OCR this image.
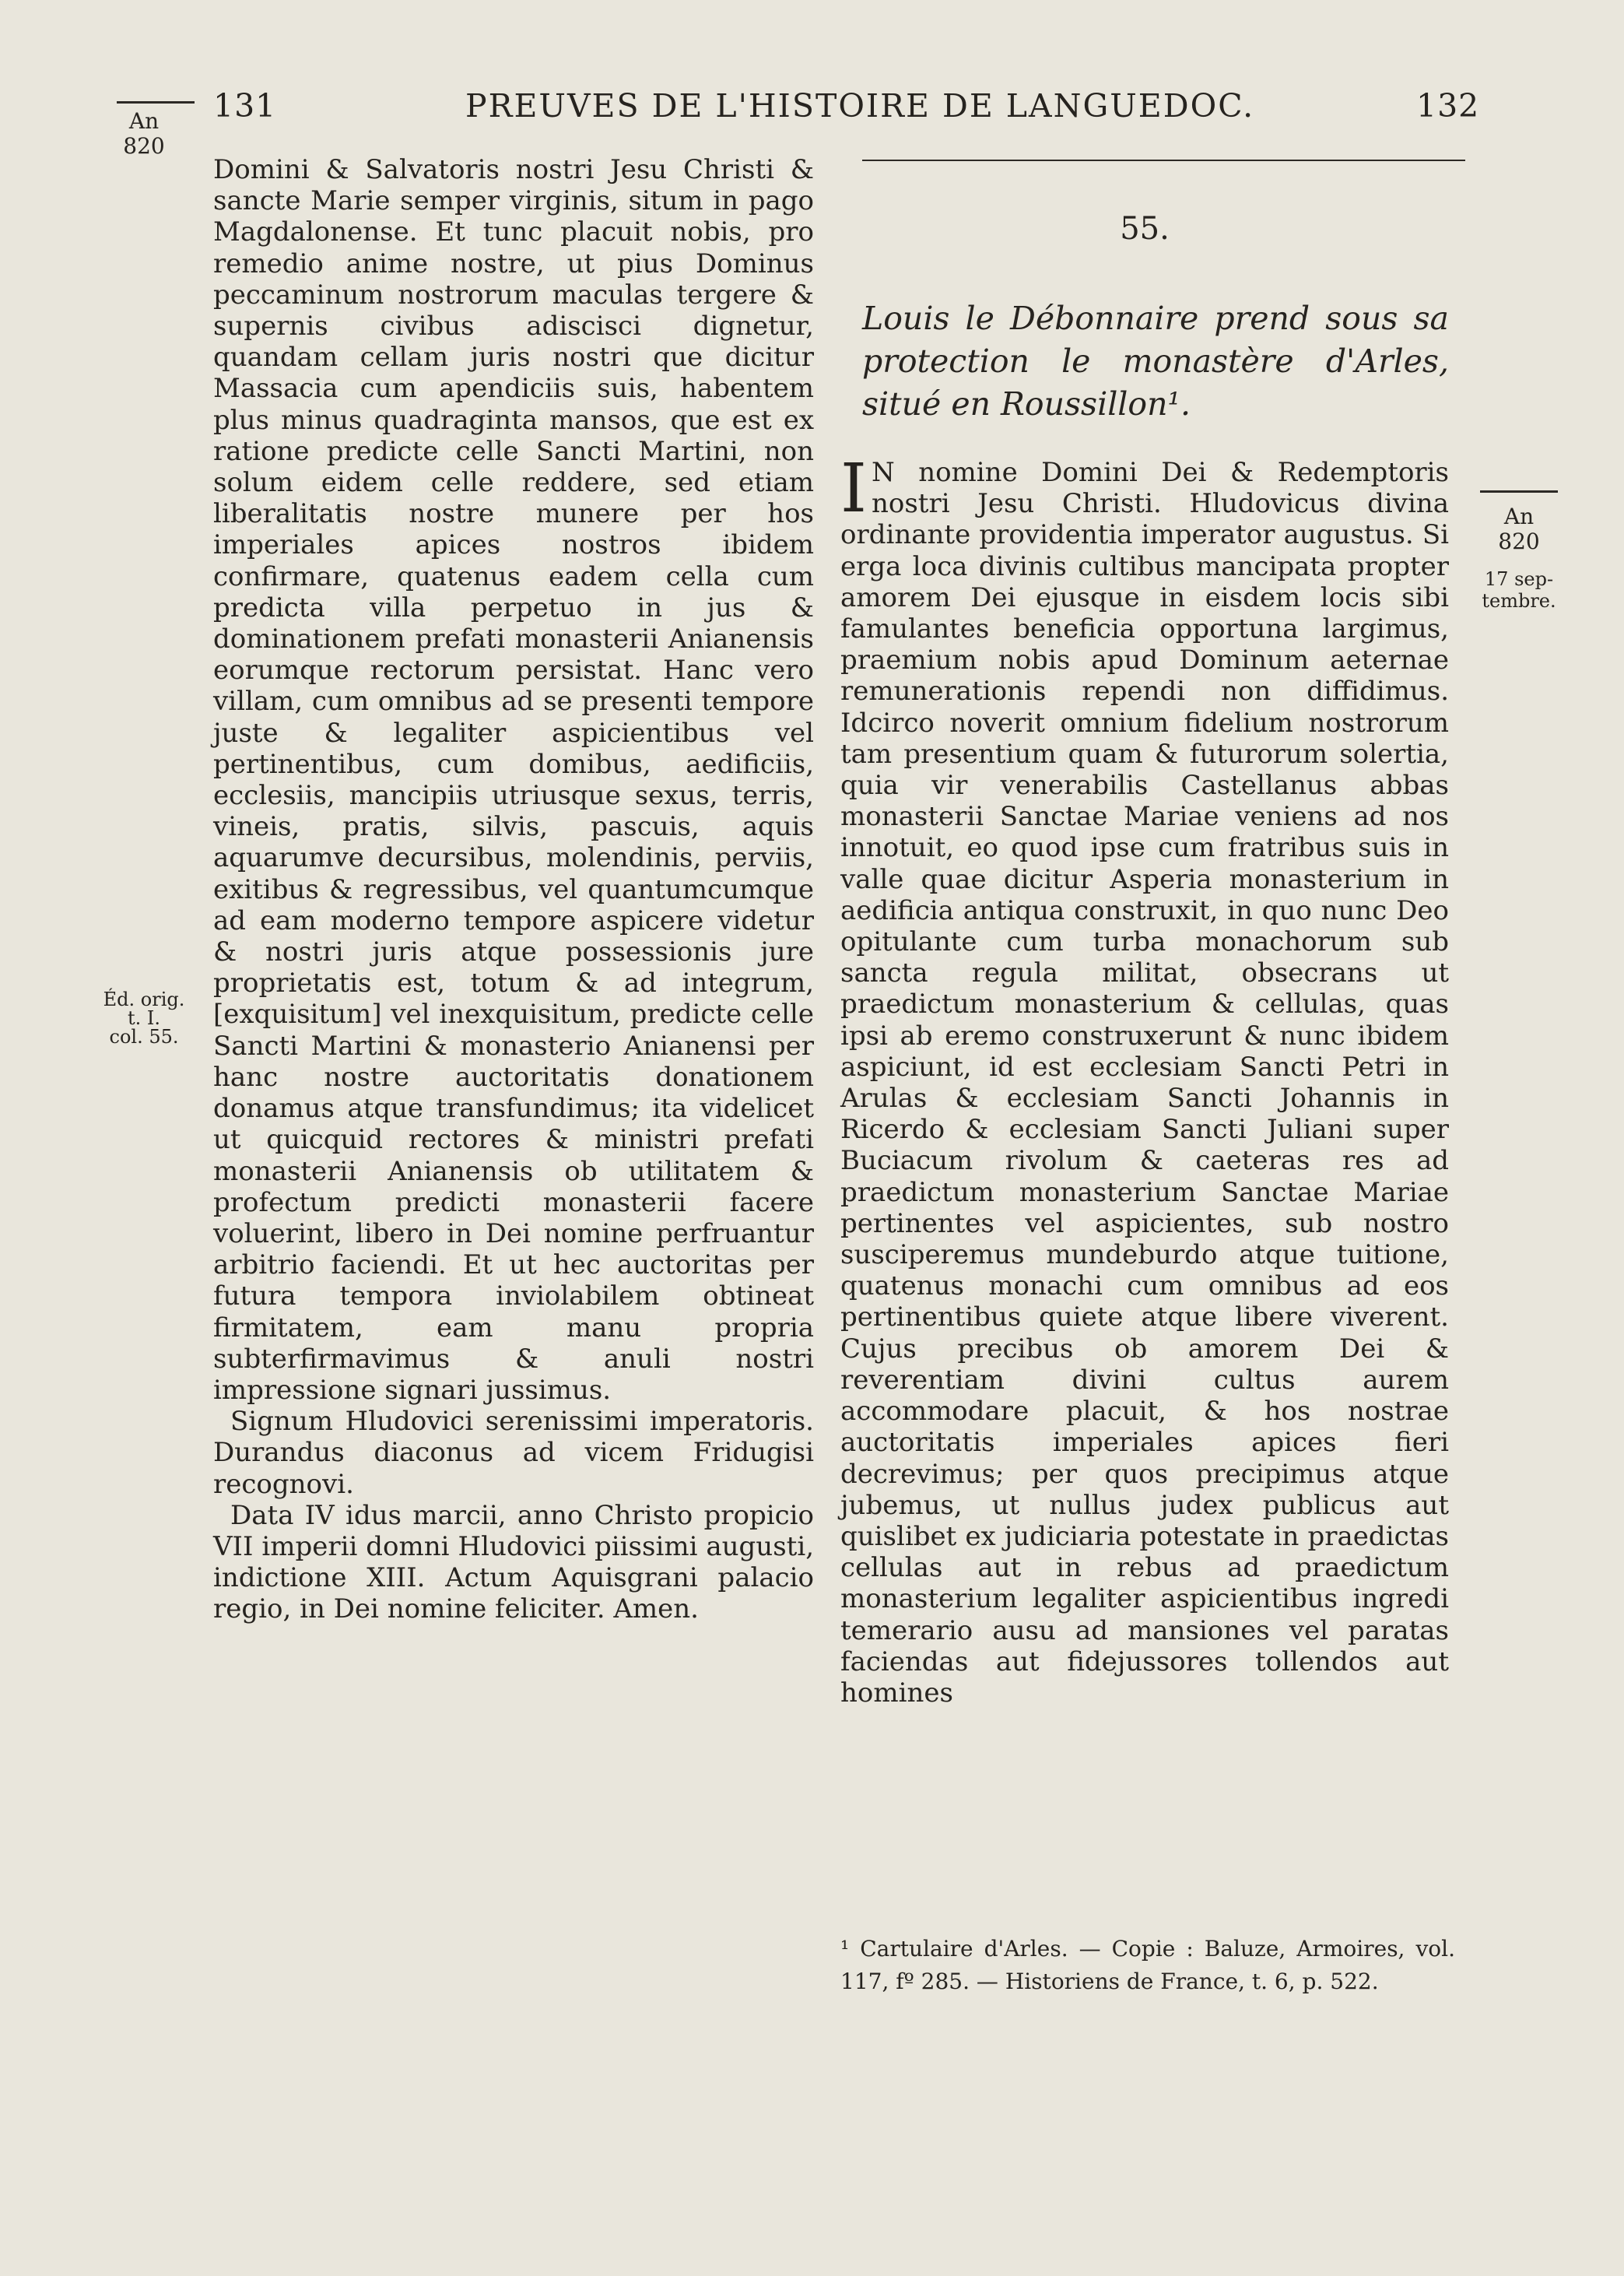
131	PREUVES DE L'HISTOIRE DE LANGUEDOC.	132
An
820
Éd. orig.
t. I.
col. 55.
An
820
17 sep-
tembre.

Domini & Salvatoris nostri Jesu Christi & sancte Marie semper virginis, situm in pago Magdalonense. Et tunc placuit nobis, pro remedio anime nostre, ut pius Dominus peccaminum nostrorum maculas tergere & supernis civibus adiscisci dignetur, quandam cellam juris nostri que dicitur Massacia cum apendiciis suis, habentem plus minus quadraginta mansos, que est ex ratione predicte celle Sancti Martini, non solum eidem celle reddere, sed etiam liberalitatis nostre munere per hos imperiales apices nostros ibidem confirmare, quatenus eadem cella cum predicta villa perpetuo in jus & dominationem prefati monasterii Anianensis eorumque rectorum persistat. Hanc vero villam, cum omnibus ad se presenti tempore juste & legaliter aspicientibus vel pertinentibus, cum domibus, aedificiis, ecclesiis, mancipiis utriusque sexus, terris, vineis, pratis, silvis, pascuis, aquis aquarumve decursibus, molendinis, perviis, exitibus & regressibus, vel quantumcumque ad eam moderno tempore aspicere videtur & nostri juris atque possessionis jure proprietatis est, totum & ad integrum, [exquisitum] vel inexquisitum, predicte celle Sancti Martini & monasterio Anianensi per hanc nostre auctoritatis donationem donamus atque transfundimus; ita videlicet ut quicquid rectores & ministri prefati monasterii Anianensis ob utilitatem & profectum predicti monasterii facere voluerint, libero in Dei nomine perfruantur arbitrio faciendi. Et ut hec auctoritas per futura tempora inviolabilem obtineat firmitatem, eam manu propria subterfirmavimus & anuli nostri impressione signari jussimus.

Signum Hludovici serenissimi imperatoris. Durandus diaconus ad vicem Fridugisi recognovi.

Data IV idus marcii, anno Christo propicio VII imperii domni Hludovici piissimi augusti, indictione XIII. Actum Aquisgrani palacio regio, in Dei nomine feliciter. Amen.

55.

Louis le Débonnaire prend sous sa protection le monastère d'Arles, situé en Roussillon¹.

I N nomine Domini Dei & Redemptoris nostri Jesu Christi. Hludovicus divina ordinante providentia imperator augustus. Si erga loca divinis cultibus mancipata propter amorem Dei ejusque in eisdem locis sibi famulantes beneficia opportuna largimus, praemium nobis apud Dominum aeternae remunerationis rependi non diffidimus. Idcirco noverit omnium fidelium nostrorum tam presentium quam & futurorum solertia, quia vir venerabilis Castellanus abbas monasterii Sanctae Mariae veniens ad nos innotuit, eo quod ipse cum fratribus suis in valle quae dicitur Asperia monasterium in aedificia antiqua construxit, in quo nunc Deo opitulante cum turba monachorum sub sancta regula militat, obsecrans ut praedictum monasterium & cellulas, quas ipsi ab eremo construxerunt & nunc ibidem aspiciunt, id est ecclesiam Sancti Petri in Arulas & ecclesiam Sancti Johannis in Ricerdo & ecclesiam Sancti Juliani super Buciacum rivolum & caeteras res ad praedictum monasterium Sanctae Mariae pertinentes vel aspicientes, sub nostro susciperemus mundeburdo atque tuitione, quatenus monachi cum omnibus ad eos pertinentibus quiete atque libere viverent. Cujus precibus ob amorem Dei & reverentiam divini cultus aurem accommodare placuit, & hos nostrae auctoritatis imperiales apices fieri decrevimus; per quos precipimus atque jubemus, ut nullus judex publicus aut quislibet ex judiciaria potestate in praedictas cellulas aut in rebus ad praedictum monasterium legaliter aspicientibus ingredi temerario ausu ad mansiones vel paratas faciendas aut fidejussores tollendos aut homines

¹ Cartulaire d'Arles. — Copie : Baluze, Armoires, vol. 117, fº 285. — Historiens de France, t. 6, p. 522.
